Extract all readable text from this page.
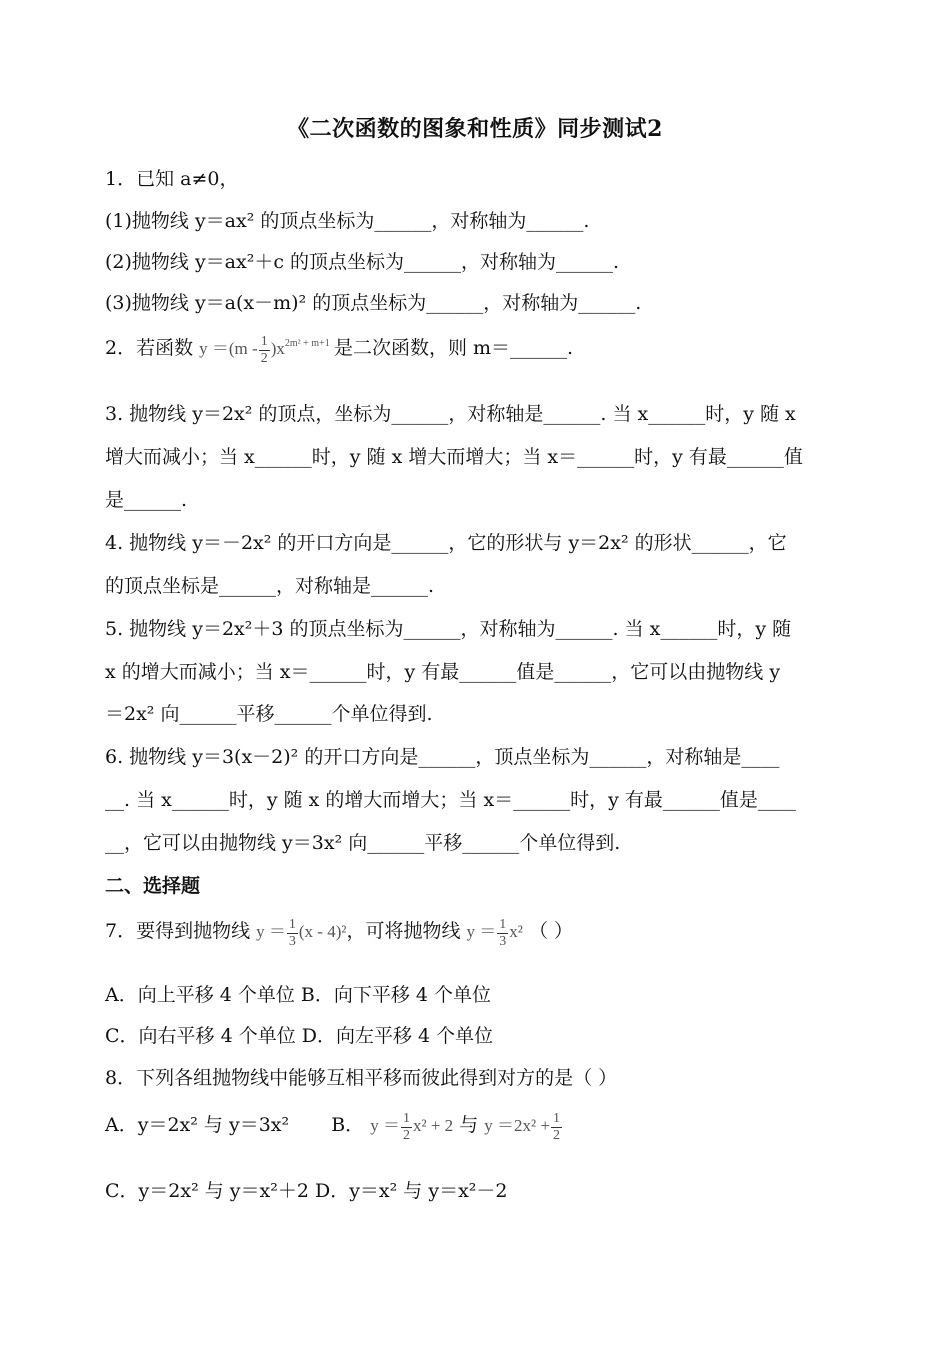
《二次函数的图象和性质》同步测试2
1．已知 a≠0，
(1)抛物线 y＝ax² 的顶点坐标为______，对称轴为______.
(2)抛物线 y＝ax²＋c 的顶点坐标为______，对称轴为______.
(3)抛物线 y＝a(x－m)² 的顶点坐标为______，对称轴为______.
2．若函数 $y =(m - \frac{1}{2} )x^{2m^2 + m+1}$ 是二次函数，则 m＝______.
3. 抛物线 y＝2x² 的顶点，坐标为______，对称轴是______. 当 x______时，y 随 x
增大而减小；当 x______时，y 随 x 增大而增大；当 x＝______时，y 有最______值
是______.
4. 抛物线 y＝－2x² 的开口方向是______，它的形状与 y＝2x² 的形状______，它
的顶点坐标是______，对称轴是______.
5. 抛物线 y＝2x²＋3 的顶点坐标为______，对称轴为______. 当 x______时，y 随
x 的增大而减小；当 x＝______时，y 有最______值是______，它可以由抛物线 y
＝2x² 向______平移______个单位得到.
6. 抛物线 y＝3(x－2)² 的开口方向是______，顶点坐标为______，对称轴是____
__. 当 x______时，y 随 x 的增大而增大；当 x＝______时，y 有最______值是____
__，它可以由抛物线 y＝3x² 向______平移______个单位得到.
二、选择题
7．要得到抛物线 $y = \frac{1}{3} (x - 4)^2$，可将抛物线 $y = \frac{1}{3} x^2$ （ ）
A．向上平移 4 个单位 B．向下平移 4 个单位
C．向右平移 4 个单位 D．向左平移 4 个单位
8．下列各组抛物线中能够互相平移而彼此得到对方的是（ ）
A．y＝2x² 与 y＝3x² B． $y = \frac{1}{2} x^2 + 2$ 与 $y =2x^2 + \frac{1}{2}$
C．y＝2x² 与 y＝x²＋2 D．y＝x² 与 y＝x²－2
